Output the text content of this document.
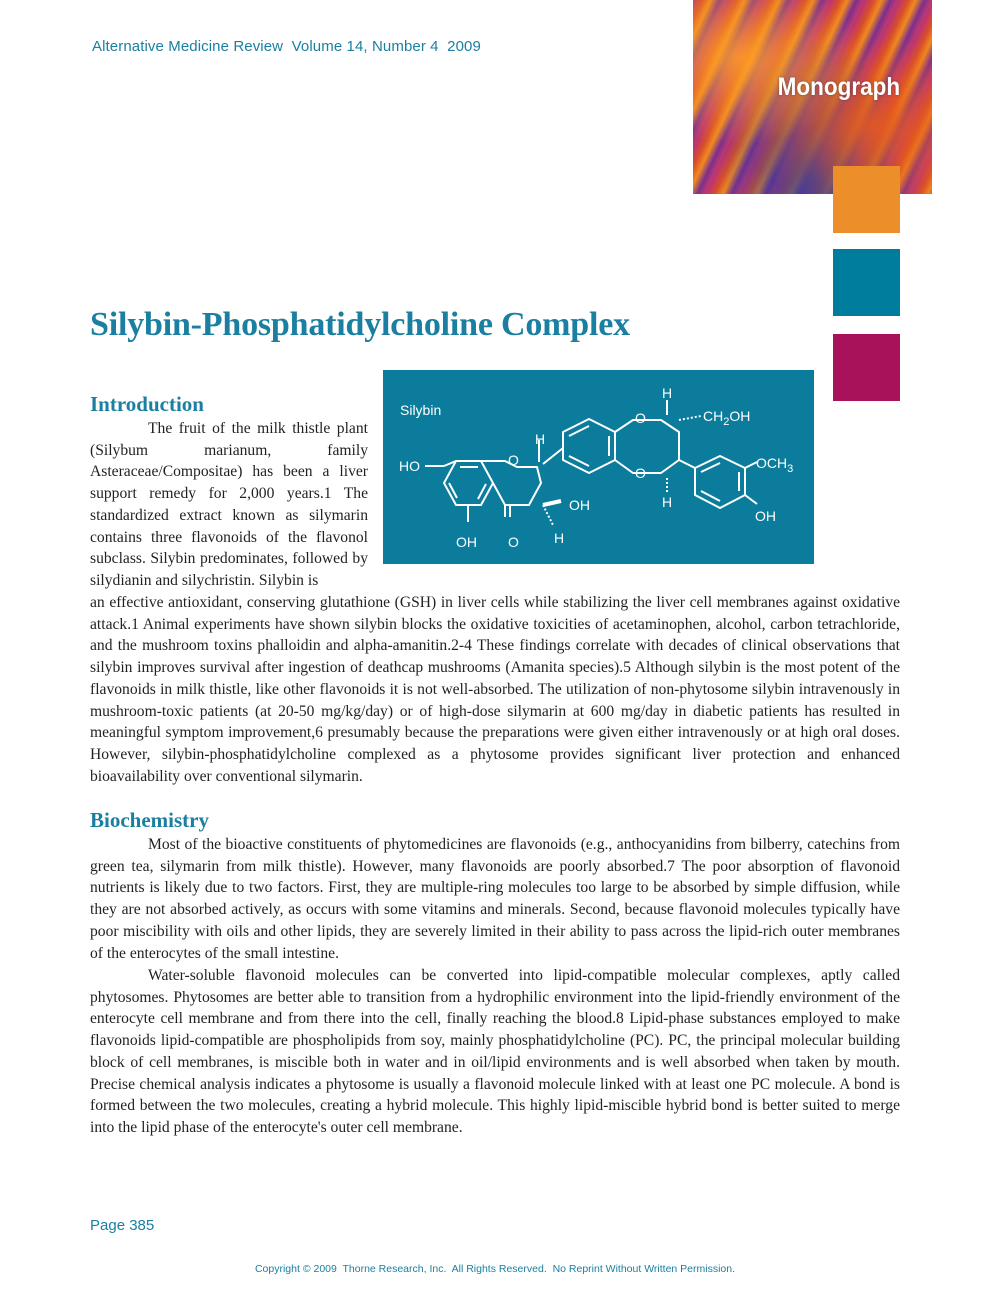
Alternative Medicine Review  Volume 14, Number 4  2009
Monograph
Silybin-Phosphatidylcholine Complex
Silybin
HO	O
H
OH
H
OH O
O
O
H
H
$CH_2OH$
$OCH_3$
OH
Introduction

The fruit of the milk thistle plant (Silybum marianum, family Asteraceae/Compositae) has been a liver support remedy for 2,000 years.1 The standardized extract known as silymarin contains three flavonoids of the flavonol subclass. Silybin predominates, followed by silydianin and silychristin. Silybin is

an effective antioxidant, conserving glutathione (GSH) in liver cells while stabilizing the liver cell membranes against oxidative attack.1 Animal experiments have shown silybin blocks the oxidative toxicities of acetaminophen, alcohol, carbon tetrachloride, and the mushroom toxins phalloidin and alpha-amanitin.2-4 These findings correlate with decades of clinical observations that silybin improves survival after ingestion of deathcap mushrooms (Amanita species).5 Although silybin is the most potent of the flavonoids in milk thistle, like other flavonoids it is not well-absorbed. The utilization of non-phytosome silybin intravenously in mushroom-toxic patients (at 20-50 mg/kg/day) or of high-dose silymarin at 600 mg/day in diabetic patients has resulted in meaningful symptom improvement,6 presumably because the preparations were given either intravenously or at high oral doses. However, silybin-phosphatidylcholine complexed as a phytosome provides significant liver protection and enhanced bioavailability over conventional silymarin.

Biochemistry

Most of the bioactive constituents of phytomedicines are flavonoids (e.g., anthocyanidins from bilberry, catechins from green tea, silymarin from milk thistle). However, many flavonoids are poorly absorbed.7 The poor absorption of flavonoid nutrients is likely due to two factors. First, they are multiple-ring molecules too large to be absorbed by simple diffusion, while they are not absorbed actively, as occurs with some vitamins and minerals. Second, because flavonoid molecules typically have poor miscibility with oils and other lipids, they are severely limited in their ability to pass across the lipid-rich outer membranes of the enterocytes of the small intestine.

Water-soluble flavonoid molecules can be converted into lipid-compatible molecular complexes, aptly called phytosomes. Phytosomes are better able to transition from a hydrophilic environment into the lipid-friendly environment of the enterocyte cell membrane and from there into the cell, finally reaching the blood.8 Lipid-phase substances employed to make flavonoids lipid-compatible are phospholipids from soy, mainly phosphatidylcholine (PC). PC, the principal molecular building block of cell membranes, is miscible both in water and in oil/lipid environments and is well absorbed when taken by mouth. Precise chemical analysis indicates a phytosome is usually a flavonoid molecule linked with at least one PC molecule. A bond is formed between the two molecules, creating a hybrid molecule. This highly lipid-miscible hybrid bond is better suited to merge into the lipid phase of the enterocyte's outer cell membrane.

Page 385
Copyright © 2009  Thorne Research, Inc.  All Rights Reserved.  No Reprint Without Written Permission.
